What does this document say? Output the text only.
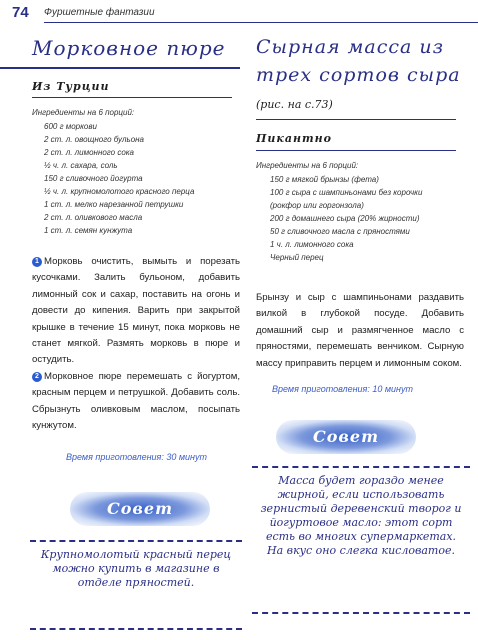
74 Фуршетные фантазии
Морковное пюре
Из Турции
Ингредиенты на 6 порций:
600 г моркови
2 ст. л. овощного бульона
2 ст. л. лимонного сока
½ ч. л. сахара, соль
150 г сливочного йогурта
½ ч. л. крупномолотого красного перца
1 ст. л. мелко нарезанной петрушки
2 ст. л. оливкового масла
1 ст. л. семян кунжута

1 Морковь очистить, вымыть и порезать кусочками. Залить бульоном, добавить лимонный сок и сахар, поставить на огонь и довести до кипения. Варить при закрытой крышке в течение 15 минут, пока морковь не станет мягкой. Размять морковь в пюре и остудить.

2 Морковное пюре перемешать с йогуртом, красным перцем и петрушкой. Добавить соль. Сбрызнуть оливковым маслом, посыпать кунжутом.

Время приготовления: 30 минут
Совет
Крупномолотый красный перец можно купить в магазине в отделе пряностей.
Сырная масса из
трех сортов сыра
(рис. на с.73)
Пикантно
Ингредиенты на 6 порций:
150 г мягкой брынзы (фета)
100 г сыра с шампиньонами без корочки
(рокфор или горгонзола)
200 г домашнего сыра (20% жирности)
50 г сливочного масла с пряностями
1 ч. л. лимонного сока
Черный перец

Брынзу и сыр с шампиньонами раздавить вилкой в глубокой посуде. Добавить домашний сыр и размягченное масло с пряностями, перемешать венчиком. Сырную массу приправить перцем и лимонным соком.

Время приготовления: 10 минут
Совет
Масса будет гораздо менее жирной, если использовать зернистый деревенский творог и йогуртовое масло: этот сорт есть во многих супермаркетах. На вкус оно слегка кисловатое.
